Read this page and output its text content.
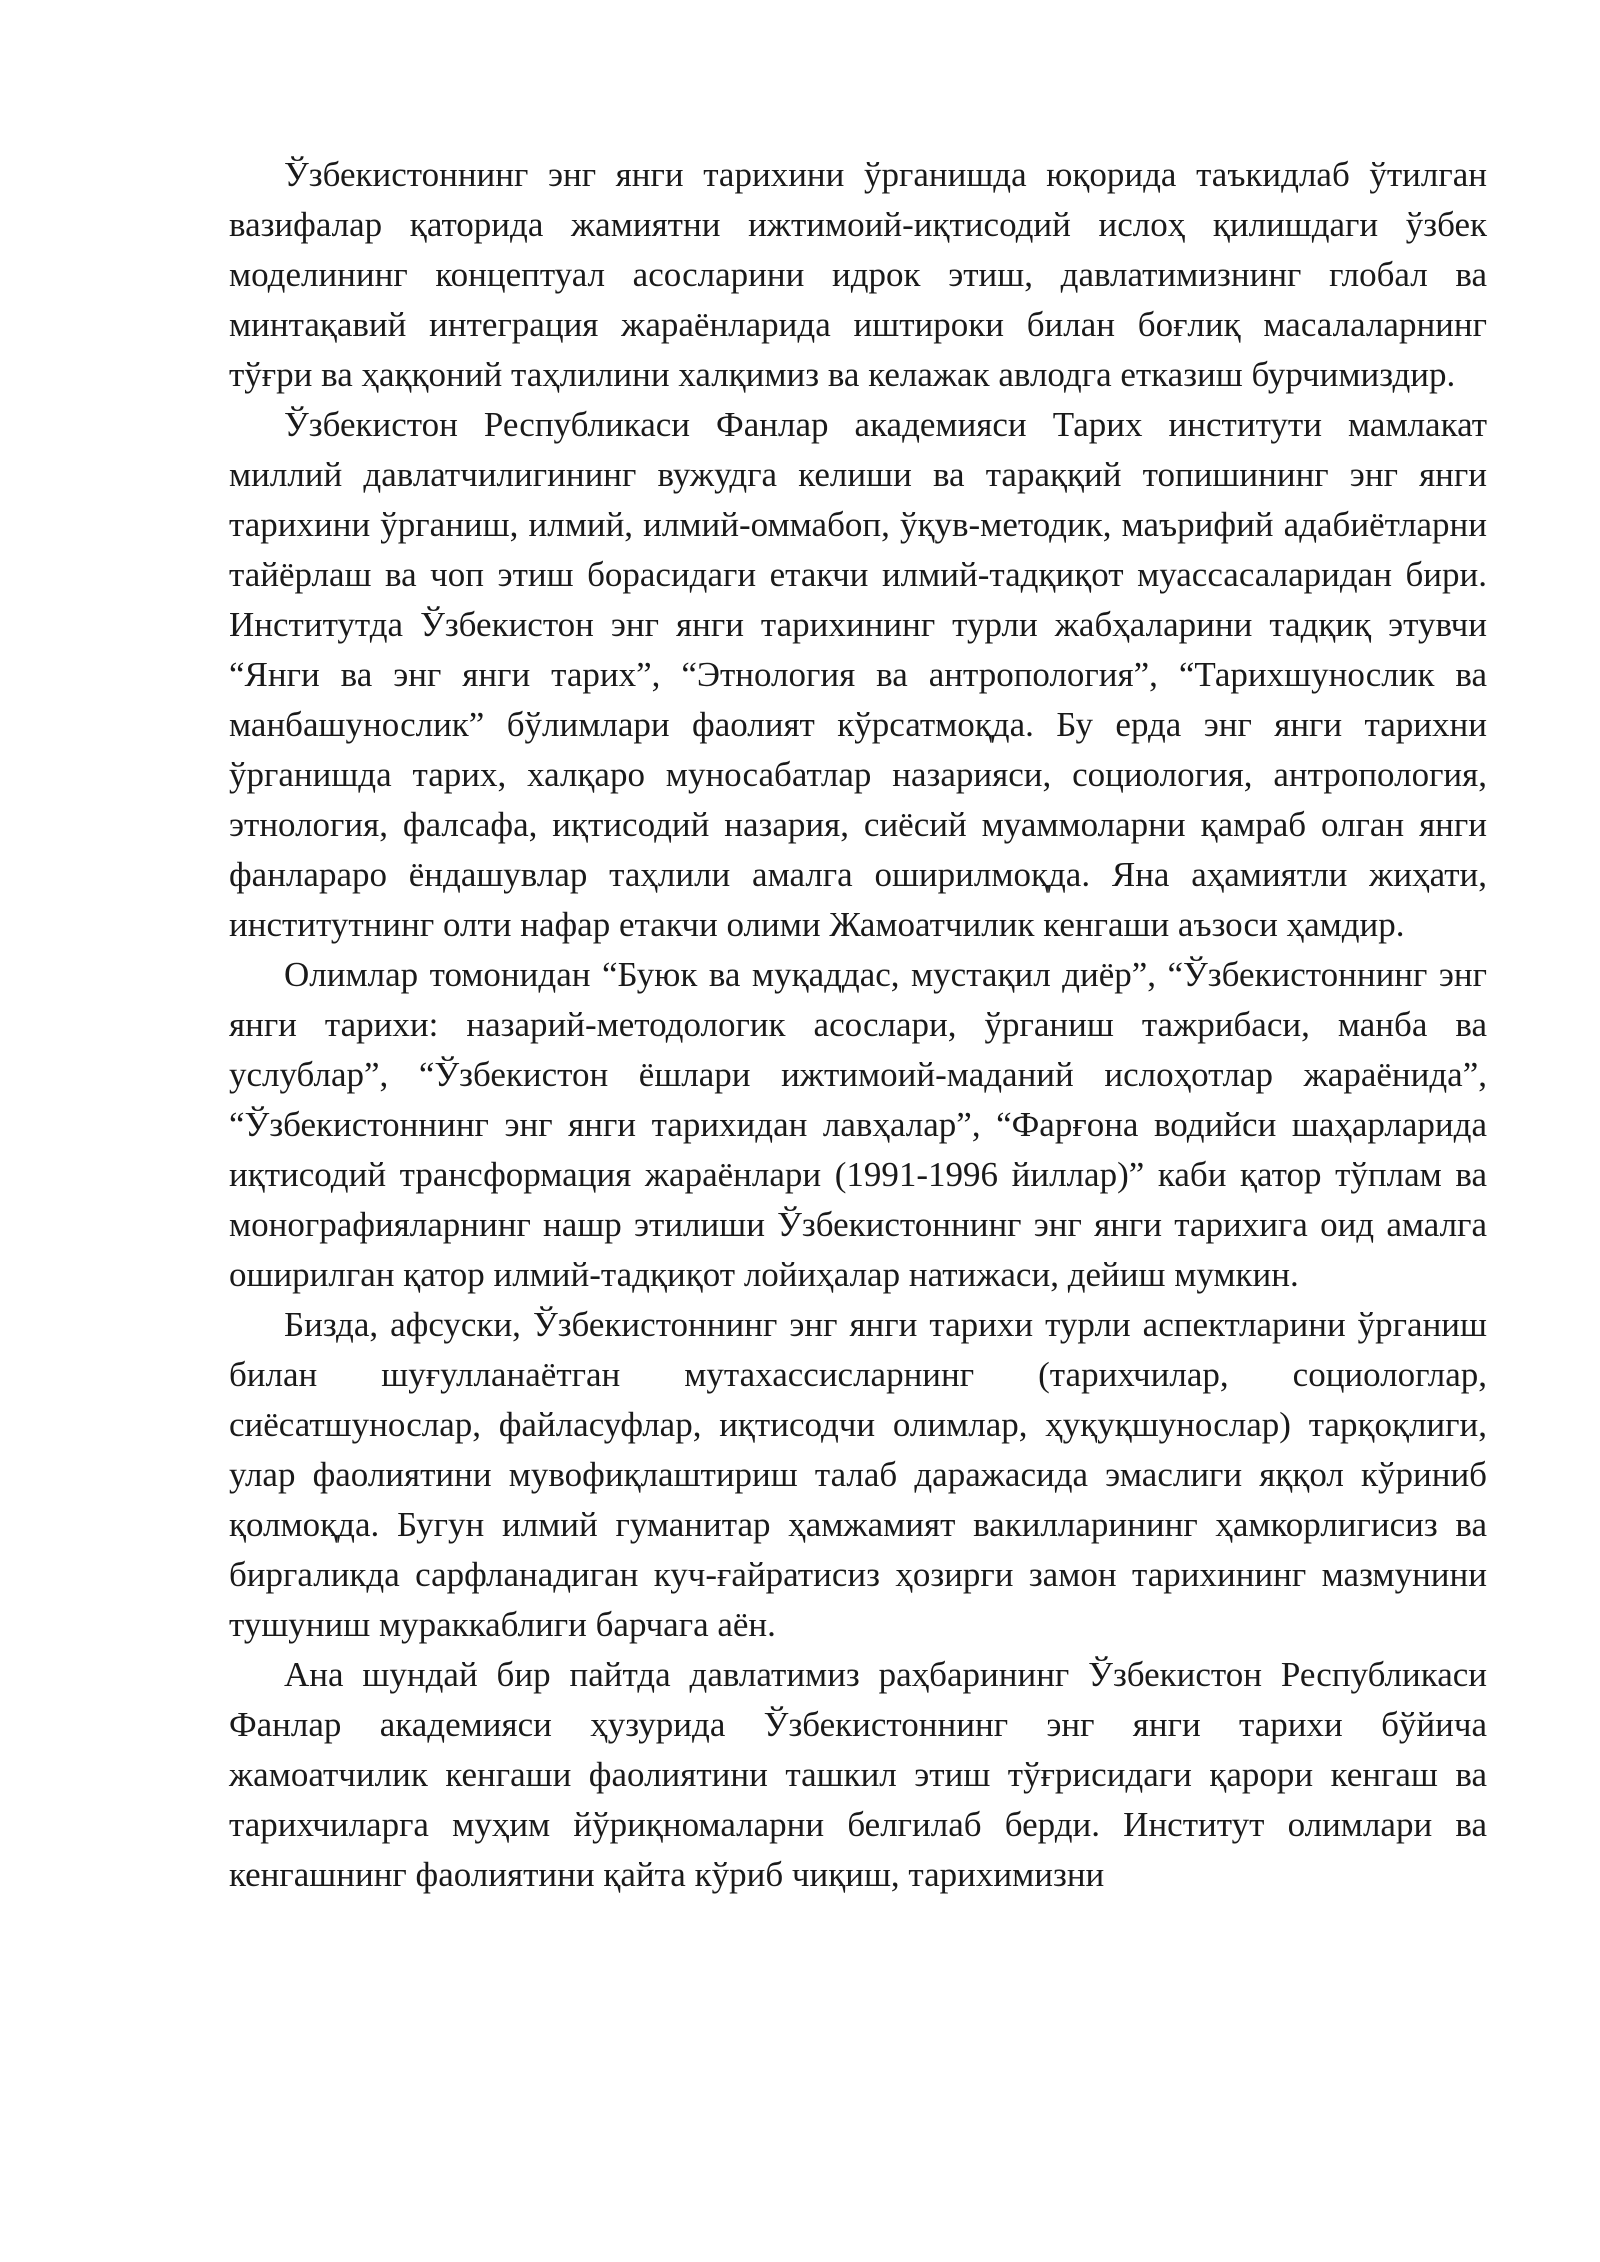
Ўзбекистоннинг энг янги тарихини ўрганишда юқорида таъкидлаб ўтилган вазифалар қаторида жамиятни ижтимоий-иқтисодий ислоҳ қилишдаги ўзбек моделининг концептуал асосларини идрок этиш, давлатимизнинг глобал ва минтақавий интеграция жараёнларида иштироки билан боғлиқ масалаларнинг тўғри ва ҳаққоний таҳлилини халқимиз ва келажак авлодга етказиш бурчимиздир.

Ўзбекистон Республикаси Фанлар академияси Тарих институти мамлакат миллий давлатчилигининг вужудга келиши ва тараққий топишининг энг янги тарихини ўрганиш, илмий, илмий-оммабоп, ўқув-методик, маърифий адабиётларни тайёрлаш ва чоп этиш борасидаги етакчи илмий-тадқиқот муассасаларидан бири. Институтда Ўзбекистон энг янги тарихининг турли жабҳаларини тадқиқ этувчи “Янги ва энг янги тарих”, “Этнология ва антропология”, “Тарихшунослик ва манбашунослик” бўлимлари фаолият кўрсатмоқда. Бу ерда энг янги тарихни ўрганишда тарих, халқаро муносабатлар назарияси, социология, антропология, этнология, фалсафа, иқтисодий назария, сиёсий муаммоларни қамраб олган янги фанлараро ёндашувлар таҳлили амалга оширилмоқда. Яна аҳамиятли жиҳати, институтнинг олти нафар етакчи олими Жамоатчилик кенгаши аъзоси ҳамдир.

Олимлар томонидан “Буюк ва муқаддас, мустақил диёр”, “Ўзбекистоннинг энг янги тарихи: назарий-методологик асослари, ўрганиш тажрибаси, манба ва услублар”, “Ўзбекистон ёшлари ижтимоий-маданий ислоҳотлар жараёнида”, “Ўзбекистоннинг энг янги тарихидан лавҳалар”, “Фарғона водийси шаҳарларида иқтисодий трансформация жараёнлари (1991-1996 йиллар)” каби қатор тўплам ва монографияларнинг нашр этилиши Ўзбекистоннинг энг янги тарихига оид амалга оширилган қатор илмий-тадқиқот лойиҳалар натижаси, дейиш мумкин.

Бизда, афсуски, Ўзбекистоннинг энг янги тарихи турли аспектларини ўрганиш билан шуғулланаётган мутахассисларнинг (тарихчилар, социологлар, сиёсатшунослар, файласуфлар, иқтисодчи олимлар, ҳуқуқшунослар) тарқоқлиги, улар фаолиятини мувофиқлаштириш талаб даражасида эмаслиги яққол кўриниб қолмоқда. Бугун илмий гуманитар ҳамжамият вакилларининг ҳамкорлигисиз ва биргаликда сарфланадиган куч-ғайратисиз ҳозирги замон тарихининг мазмунини тушуниш мураккаблиги барчага аён.

Ана шундай бир пайтда давлатимиз раҳбарининг Ўзбекистон Республикаси Фанлар академияси ҳузурида Ўзбекистоннинг энг янги тарихи бўйича жамоатчилик кенгаши фаолиятини ташкил этиш тўғрисидаги қарори кенгаш ва тарихчиларга муҳим йўриқномаларни белгилаб берди. Институт олимлари ва кенгашнинг фаолиятини қайта кўриб чиқиш, тарихимизни
